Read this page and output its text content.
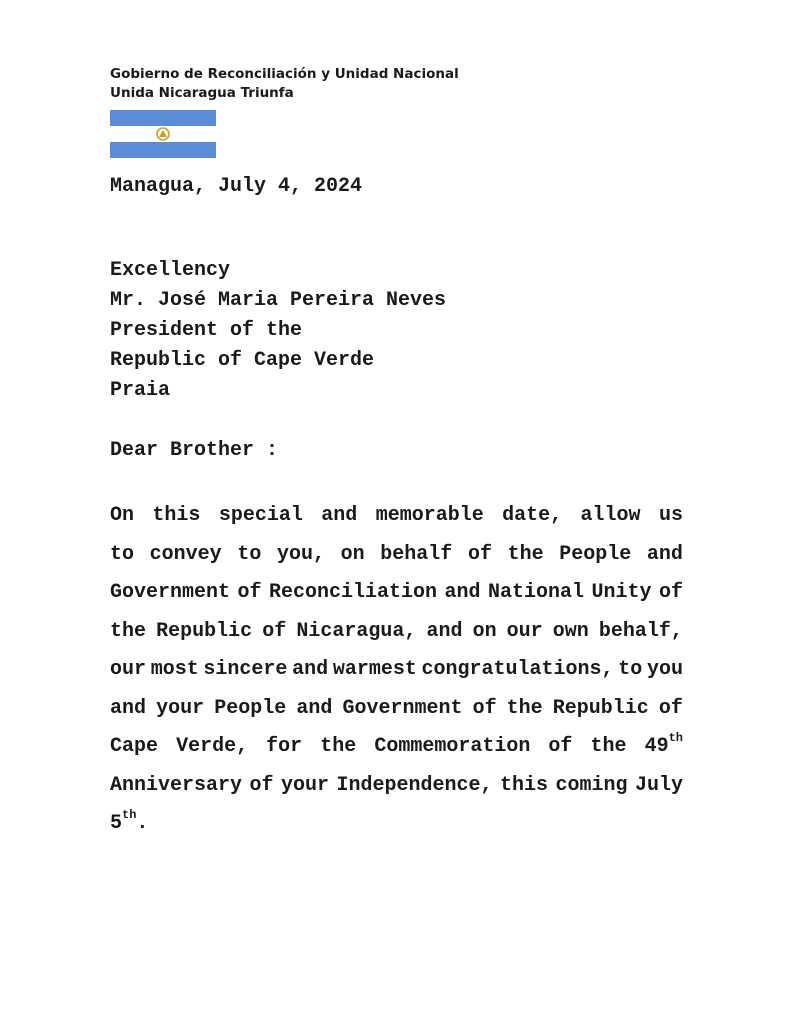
Gobierno de Reconciliación y Unidad Nacional
Unida Nicaragua Triunfa
Managua, July 4, 2024
Excellency
Mr. José Maria Pereira Neves
President of the
Republic of Cape Verde
Praia
Dear Brother :
On this special and memorable date, allow us
to convey to you, on behalf of the People and
Government of Reconciliation and National Unity of
the Republic of Nicaragua, and on our own behalf,
our most sincere and warmest congratulations, to you
and your People and Government of the Republic of
Cape Verde, for the Commemoration of the 49th
Anniversary of your Independence, this coming July
5th.
